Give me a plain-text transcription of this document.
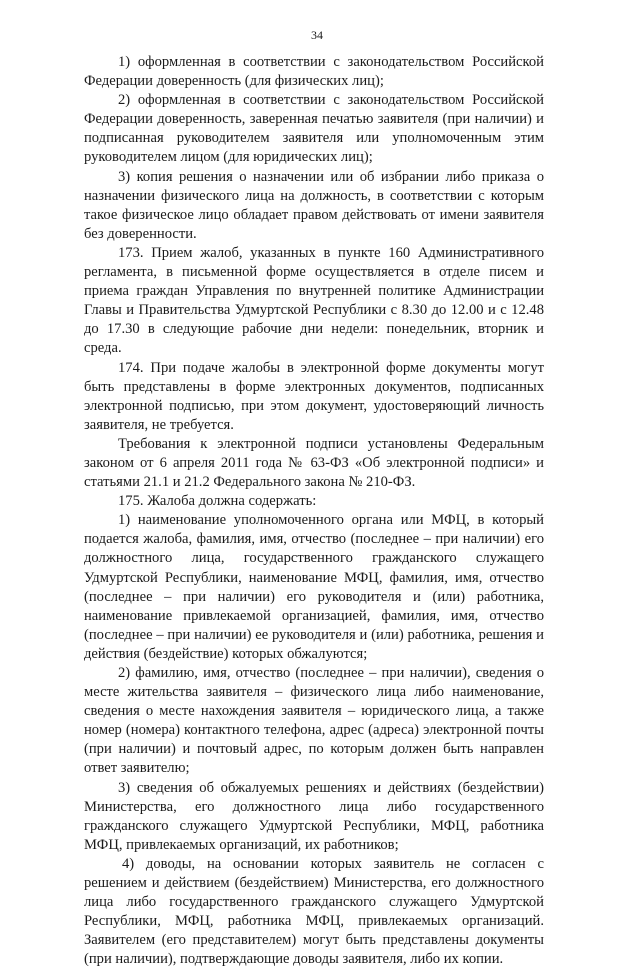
34

1) оформленная в соответствии с законодательством Российской Федерации доверенность (для физических лиц);

2) оформленная в соответствии с законодательством Российской Федерации доверенность, заверенная печатью заявителя (при наличии) и подписанная руководителем заявителя или уполномоченным этим руководителем лицом (для юридических лиц);

3) копия решения о назначении или об избрании либо приказа о назначении физического лица на должность, в соответствии с которым такое физическое лицо обладает правом действовать от имени заявителя без доверенности.

173. Прием жалоб, указанных в пункте 160 Административного регламента, в письменной форме осуществляется в отделе писем и приема граждан Управления по внутренней политике Администрации Главы и Правительства Удмуртской Республики с 8.30 до 12.00 и с 12.48 до 17.30 в следующие рабочие дни недели: понедельник, вторник и среда.

174. При подаче жалобы в электронной форме документы могут быть представлены в форме электронных документов, подписанных электронной подписью, при этом документ, удостоверяющий личность заявителя, не требуется.

Требования к электронной подписи установлены Федеральным законом от 6 апреля 2011 года № 63-ФЗ «Об электронной подписи» и статьями 21.1 и 21.2 Федерального закона № 210-ФЗ.

175. Жалоба должна содержать:

1) наименование уполномоченного органа или МФЦ, в который подается жалоба, фамилия, имя, отчество (последнее – при наличии) его должностного лица, государственного гражданского служащего Удмуртской Республики, наименование МФЦ, фамилия, имя, отчество (последнее – при наличии) его руководителя и (или) работника, наименование привлекаемой организацией, фамилия, имя, отчество (последнее – при наличии) ее руководителя и (или) работника, решения и действия (бездействие) которых обжалуются;

2) фамилию, имя, отчество (последнее – при наличии), сведения о месте жительства заявителя – физического лица либо наименование, сведения о месте нахождения заявителя – юридического лица, а также номер (номера) контактного телефона, адрес (адреса) электронной почты (при наличии) и почтовый адрес, по которым должен быть направлен ответ заявителю;

3) сведения об обжалуемых решениях и действиях (бездействии) Министерства, его должностного лица либо государственного гражданского служащего Удмуртской Республики, МФЦ, работника МФЦ, привлекаемых организаций, их работников;

4) доводы, на основании которых заявитель не согласен с решением и действием (бездействием) Министерства, его должностного лица либо государственного гражданского служащего Удмуртской Республики, МФЦ, работника МФЦ, привлекаемых организаций. Заявителем (его представителем) могут быть представлены документы (при наличии), подтверждающие доводы заявителя, либо их копии.
